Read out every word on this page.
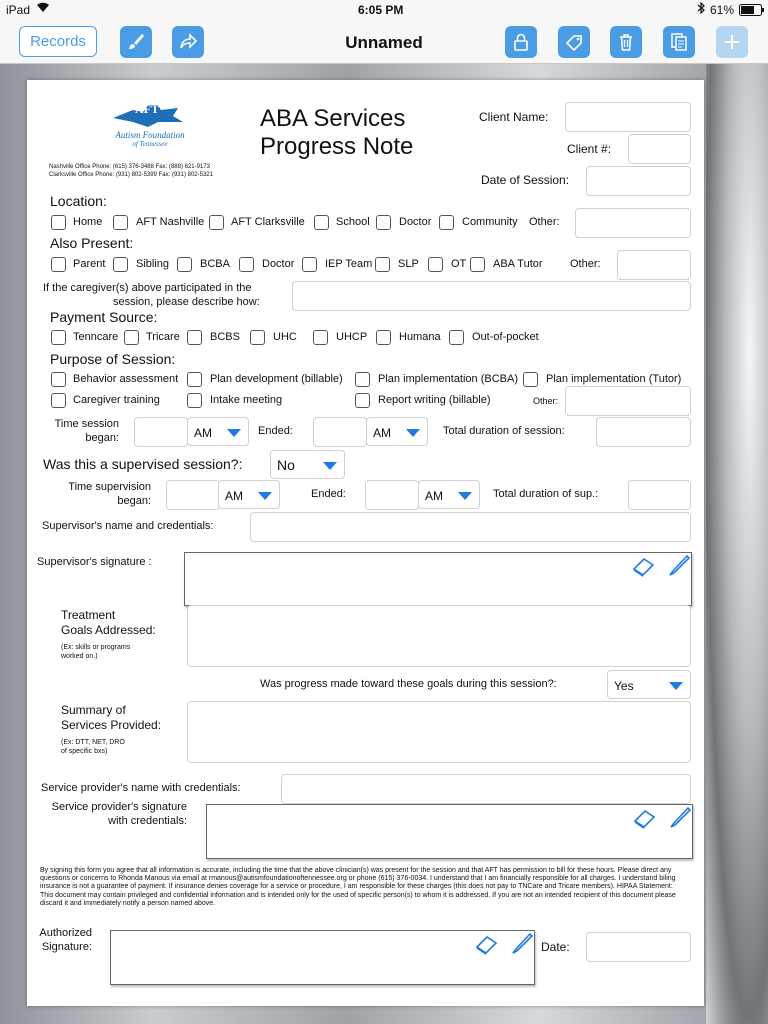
iPad	6:05 PM	61%
Records	Unnamed
AFT
Autism Foundation
of Tennessee
Nashville Office Phone: (615) 376-3488 Fax: (888) 621-9173
Clarksville Office Phone: (931) 802-5399 Fax: (931) 802-5321
ABA Services
Progress Note
Client Name:
Client #:
Date of Session:
Location:
Home	AFT Nashville AFT Clarksville	School	Doctor	Community Other:
Also Present:
Parent	Sibling	BCBA	Doctor	IEP Team SLP	OT ABA Tutor Other:
If the caregiver(s) above participated in the
session, please describe how:
Payment Source:
Tenncare	Tricare	BCBS	UHC	UHCP	Humana	Out-of-pocket
Purpose of Session:
Behavior assessment	Plan development (billable)	Plan implementation (BCBA)	Plan implementation (Tutor)
Caregiver training	Intake meeting	Report writing (billable)	Other:
Time session
began:	AM	Ended:	AM	Total duration of session:
Was this a supervised session?: No
Time supervision
began:	AM	Ended:	AM	Total duration of sup.:
Supervisor's name and credentials:
Supervisor's signature :
Treatment
Goals Addressed:
(Ex: skills or programs
worked on.)
Was progress made toward these goals during this session?:	Yes
Summary of
Services Provided:
(Ex: DTT, NET, DRO
of specific bxs)
Service provider's name with credentials:
Service provider's signature
with credentials:
By signing this form you agree that all information is accurate, including the time that the above clinician(s) was present for the session and that AFT has permission to bill for these hours. Please direct any questions or concerns to Rhonda Manous via email at rmanous@autismfoundationoftennessee.org or phone (615) 376-0034. I understand that I am financially responsible for all charges. I understand biling insurance is not a guarantee of payment. If insurance denies coverage for a service or procedure, I am responsible for these charges (this does not pay to TNCare and Tricare members). HIPAA Statement: This document may contain privileged and confidential information and is intended only for the used of specific person(s) to whom it is addressed. If you are not an intended recipient of this document please discard it and immediately notify a person named above.
Authorized
Signature:	Date:
